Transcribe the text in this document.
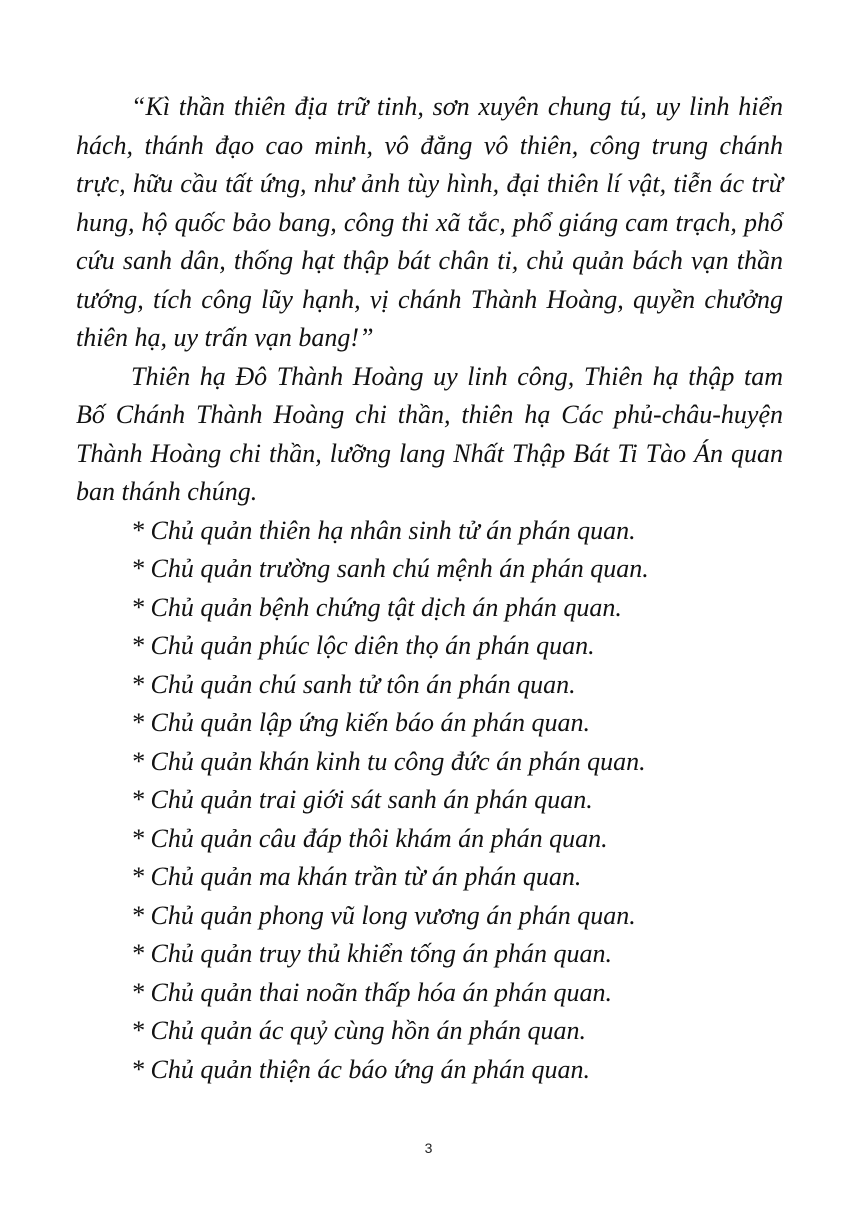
“Kì thần thiên địa trữ tinh, sơn xuyên chung tú, uy linh hiển hách, thánh đạo cao minh, vô đẳng vô thiên, công trung chánh trực, hữu cầu tất ứng, như ảnh tùy hình, đại thiên lí vật, tiễn ác trừ hung, hộ quốc bảo bang, công thi xã tắc, phổ giáng cam trạch, phổ cứu sanh dân, thống hạt thập bát chân ti, chủ quản bách vạn thần tướng, tích công lũy hạnh, vị chánh Thành Hoàng, quyền chưởng thiên hạ, uy trấn vạn bang!”

Thiên hạ Đô Thành Hoàng uy linh công, Thiên hạ thập tam Bố Chánh Thành Hoàng chi thần, thiên hạ Các phủ-châu-huyện Thành Hoàng chi thần, lưỡng lang Nhất Thập Bát Ti Tào Án quan ban thánh chúng.

* Chủ quản thiên hạ nhân sinh tử án phán quan.
* Chủ quản trường sanh chú mệnh án phán quan.
* Chủ quản bệnh chứng tật dịch án phán quan.
* Chủ quản phúc lộc diên thọ án phán quan.
* Chủ quản chú sanh tử tôn án phán quan.
* Chủ quản lập ứng kiến báo án phán quan.
* Chủ quản khán kinh tu công đức án phán quan.
* Chủ quản trai giới sát sanh án phán quan.
* Chủ quản câu đáp thôi khám án phán quan.
* Chủ quản ma khán trần từ án phán quan.
* Chủ quản phong vũ long vương án phán quan.
* Chủ quản truy thủ khiển tống án phán quan.
* Chủ quản thai noãn thấp hóa án phán quan.
* Chủ quản ác quỷ cùng hồn án phán quan.
* Chủ quản thiện ác báo ứng án phán quan.
3
